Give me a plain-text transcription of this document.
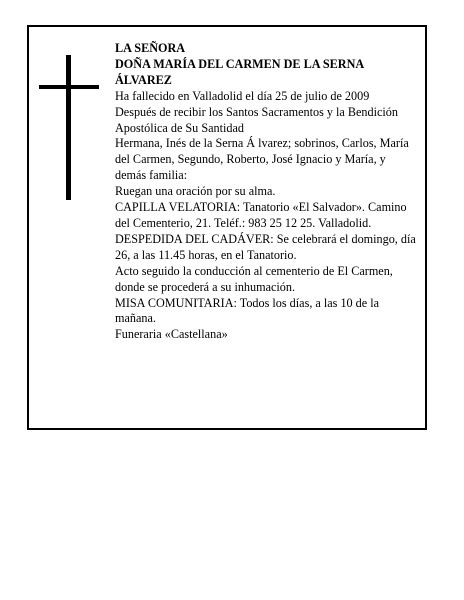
LA SEÑORA

DOÑA MARÍA DEL CARMEN DE LA SERNA

ÁLVAREZ

Ha fallecido en Valladolid el día 25 de julio de 2009

Después de recibir los Santos Sacramentos y la Bendición Apostólica de Su Santidad

Hermana, Inés de la Serna Á lvarez; sobrinos, Carlos, María del Carmen, Segundo, Roberto, José Ignacio y María, y demás familia:

Ruegan una oración por su alma.

CAPILLA VELATORIA: Tanatorio «El Salvador». Camino del Cementerio, 21. Teléf.: 983 25 12 25. Valladolid.

DESPEDIDA DEL CADÁVER: Se celebrará el domingo, día 26, a las 11.45 horas, en el Tanatorio.

Acto seguido la conducción al cementerio de El Carmen, donde se procederá a su inhumación.

MISA COMUNITARIA: Todos los días, a las 10 de la mañana.

Funeraria «Castellana»
